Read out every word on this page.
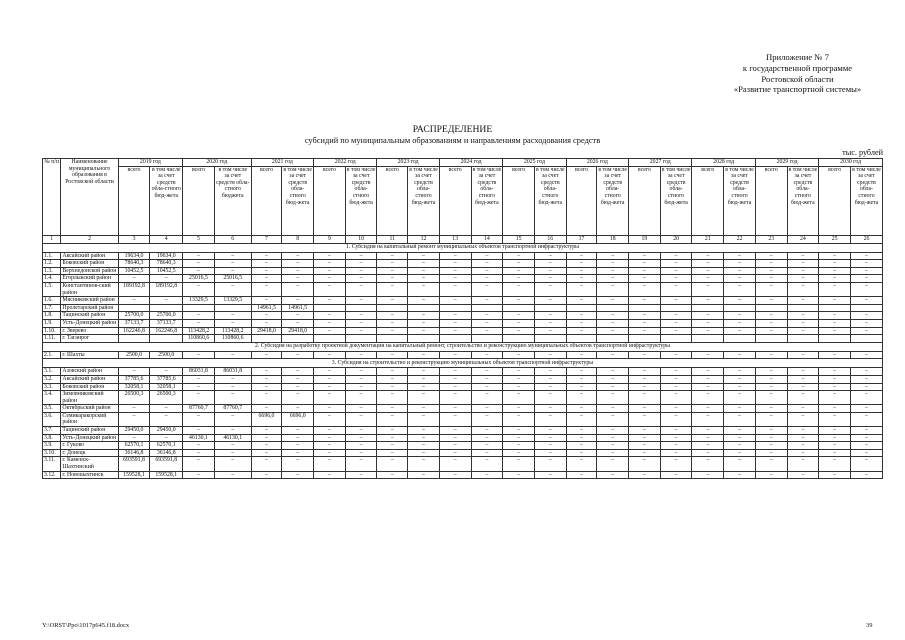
Приложение № 7
к государственной программе
Ростовской области
«Развитие транспортной системы»
РАСПРЕДЕЛЕНИЕ
субсидий по муниципальным образованиям и направлениям расходования средств
тыс. рублей
№ п/п	Наименование муниципального образования в Ростовской области	2019 год		2020 год		2021 год		2022 год		2023 год		2024 год		2025 год		2026 год		2027 год		2028 год		2029 год		2030 год	
		всего	в том числе за счет средств обла-стного бюд-жета	всего	в том числе за счет средств обла-стного бюджета	всего	в том числе за счет средств обла-стного бюд-жета	всего	в том числе за счет средств обла-стного бюд-жета	всего	в том числе за счет средств обла-стного бюд-жета	всего	в том числе за счет средств обла-стного бюд-жета	всего	в том числе за счет средств обла-стного бюд-жета	всего	в том числе за счет средств обла-стного бюд-жета	всего	в том числе за счет средств обла-стного бюд-жета	всего	в том числе за счет средств обла-стного бюд-жета	всего	в том числе за счет средств обла-стного бюд-жета	всего	в том числе за счет средств обла-стного бюд-жета
1	2	3	4	5	6	7	8	9	10	11	12	13	14	15	16	17	18	19	20	21	22	23	24	25	26
1. Субсидия на капитальный ремонт муниципальных объектов транспортной инфраструктуры																									
1.1.	Аксайский район	19634,0	19634,0	–	–	–	–	–	–	–	–	–	–	–	–	–	–	–	–	–	–	–	–	–	–
1.2.	Боковский район	78640,3	78640,3	–	–	–	–	–	–	–	–	–	–	–	–	–	–	–	–	–	–	–	–	–	–
1.3.	Верхнедонской район	10452,5	10452,5	–	–	–	–	–	–	–	–	–	–	–	–	–	–	–	–	–	–	–	–	–	–
1.4.	Егорлыкский район	–	–	25016,5	25016,5	–	–	–	–	–	–	–	–	–	–	–	–	–	–	–	–	–	–	–	–
1.5.	Константинов-ский район	189192,8	189192,8	–	–	–	–	–	–	–	–	–	–	–	–	–	–	–	–	–	–	–	–	–	–
1.6.	Мясниковский район	–	–	13329,5	13329,5	–	–	–	–	–	–	–	–	–	–	–	–	–	–	–	–	–	–	–	–
1.7.	Пролетарский район					14961,5	14961,5																		
1.8.	Тацинский район	25700,0	25700,0	–	–	–	–	–	–	–	–	–	–	–	–	–	–	–	–	–	–	–	–	–	–
1.9.	Усть-Донецкий район	37133,7	37133,7	–	–	–	–	–	–	–	–	–	–	–	–	–	–	–	–	–	–	–	–	–	–
1.10.	г. Зверево	162246,8	162246,8	113428,2	113428,2	29418,0	29418,0	–	–	–	–	–	–	–	–	–	–	–	–	–	–	–	–	–	–
1.11.	г. Таганрог			110860,6	110860,6																				
2. Субсидия на разработку проектной документации на капитальный ремонт, строительство и реконструкцию муниципальных объектов транспортной инфраструктуры																									
2.1.	г. Шахты	2500,0	2500,0	–	–	–	–	–	–	–	–	–	–	–	–	–	–	–	–	–	–	–	–	–	–
3. Субсидия на строительство и реконструкцию муниципальных объектов транспортной инфраструктуры																									
3.1.	Азовский район	–	–	86031,8	86031,8	–	–	–	–	–	–	–	–	–	–	–	–	–	–	–	–	–	–	–	–
3.2.	Аксайский район	37785,6	37785,6	–	–	–	–	–	–	–	–	–	–	–	–	–	–	–	–	–	–	–	–	–	–
3.3.	Боковский район	32058,1	32058,1	–	–	–	–	–	–	–	–	–	–	–	–	–	–	–	–	–	–	–	–	–	–
3.4.	Зимовниковский район	26500,3	26500,3	–	–	–	–	–	–	–	–	–	–	–	–	–	–	–	–	–	–	–	–	–	–
3.5.	Октябрьский район	–	–	87760,7	87760,7	–	–	–	–	–	–	–	–	–	–	–	–	–	–	–	–	–	–	–	–
3.6.	Семикаракорский район	–	–	–	–	6696,0	6696,0	–	–	–	–	–	–	–	–	–	–	–	–	–	–	–	–	–	–
3.7.	Тацинский район	29450,0	29450,0	–	–	–	–	–	–	–	–	–	–	–	–	–	–	–	–	–	–	–	–	–	–
3.8.	Усть-Донецкий район	–	–	46130,1	46130,1	–	–	–	–	–	–	–	–	–	–	–	–	–	–	–	–	–	–	–	–
3.9.	г. Гуково	62570,1	62570,1	–	–	–	–	–	–	–	–	–	–	–	–	–	–	–	–	–	–	–	–	–	–
3.10.	г. Донецк	36146,8	36146,8	–	–	–	–	–	–	–	–	–	–	–	–	–	–	–	–	–	–	–	–	–	–
3.11.	г. Каменск-Шахтинский	693591,8	693591,8	–	–	–	–	–	–	–	–	–	–	–	–	–	–	–	–	–	–	–	–	–	–
3.12.	г. Новошахтинск	159528,1	159528,1	–	–	–	–	–	–	–	–	–	–	–	–	–	–	–	–	–	–	–	–	–	–
Y:\ORST\Ppo\1017p645.f18.docx	39
